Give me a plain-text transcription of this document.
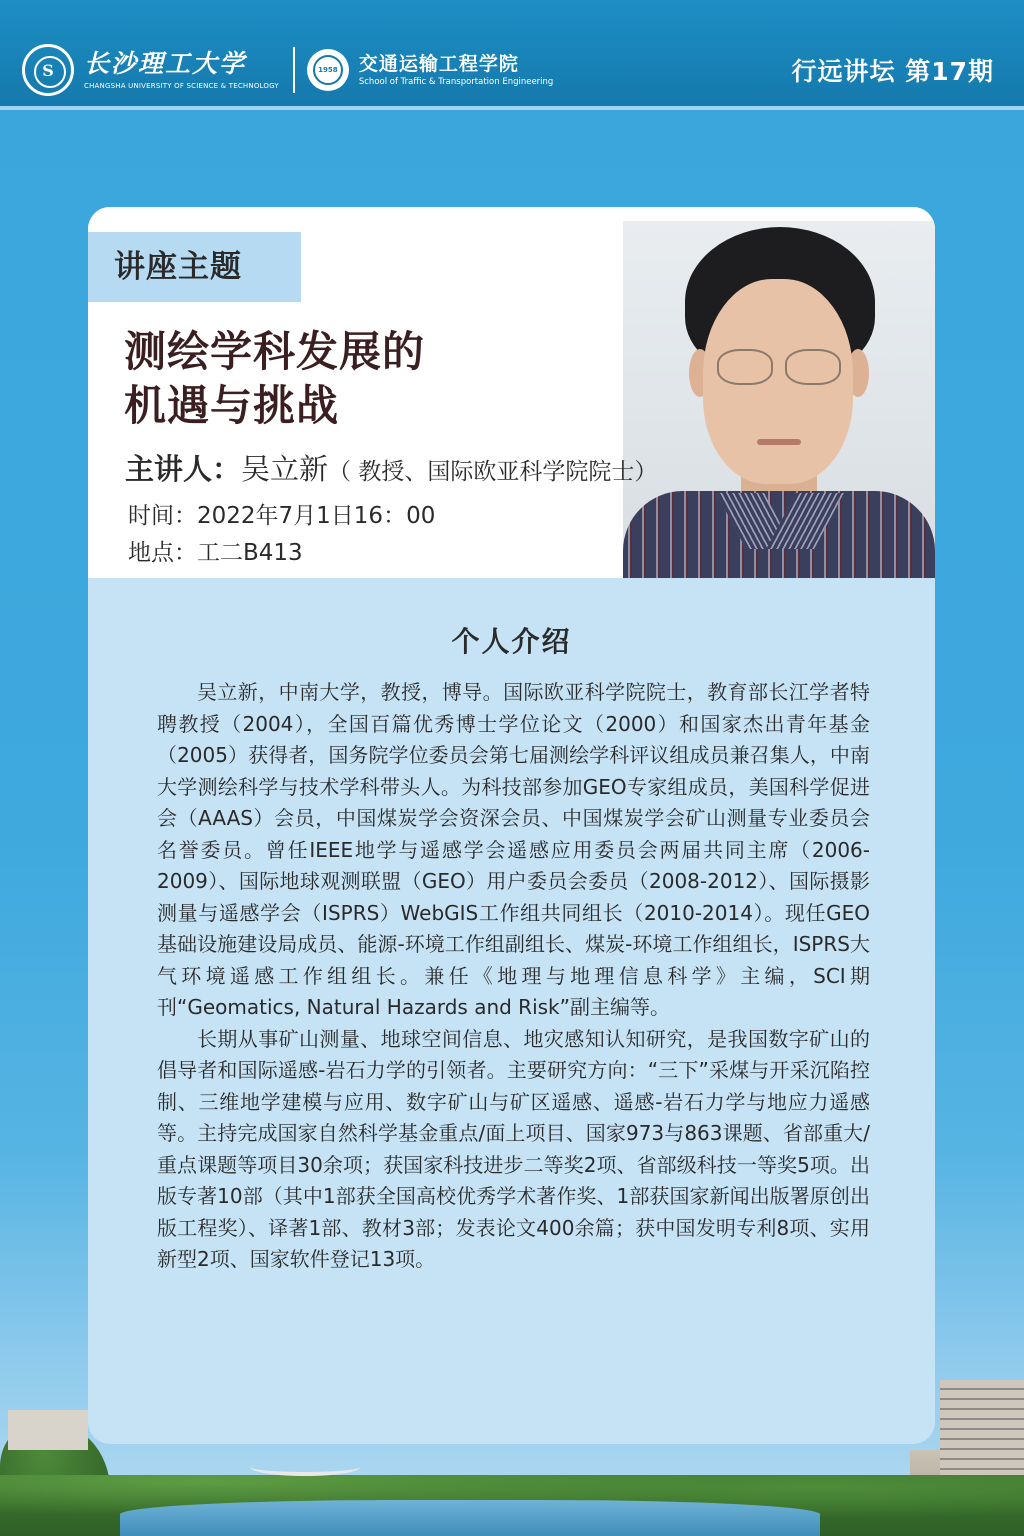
S	长沙理工大学
CHANGSHA UNIVERSITY OF SCIENCE & TECHNOLOGY
1958 交通运输工程学院
School of Traffic & Transportation Engineering	行远讲坛 第17期
讲座主题
测绘学科发展的
机遇与挑战
主讲人：吴立新（ 教授、国际欧亚科学院院士）
时间：2022年7月1日16：00
地点：工二B413
个人介绍

吴立新，中南大学，教授，博导。国际欧亚科学院院士，教育部长江学者特聘教授（2004），全国百篇优秀博士学位论文（2000）和国家杰出青年基金（2005）获得者，国务院学位委员会第七届测绘学科评议组成员兼召集人，中南大学测绘科学与技术学科带头人。为科技部参加GEO专家组成员，美国科学促进会（AAAS）会员，中国煤炭学会资深会员、中国煤炭学会矿山测量专业委员会名誉委员。曾任IEEE地学与遥感学会遥感应用委员会两届共同主席（2006-2009）、国际地球观测联盟（GEO）用户委员会委员（2008-2012）、国际摄影测量与遥感学会（ISPRS）WebGIS工作组共同组长（2010-2014）。现任GEO基础设施建设局成员、能源-环境工作组副组长、煤炭-环境工作组组长，ISPRS大气环境遥感工作组组长。兼任《地理与地理信息科学》主编，SCI期刊“Geomatics, Natural Hazards and Risk”副主编等。

长期从事矿山测量、地球空间信息、地灾感知认知研究，是我国数字矿山的倡导者和国际遥感-岩石力学的引领者。主要研究方向：“三下”采煤与开采沉陷控制、三维地学建模与应用、数字矿山与矿区遥感、遥感-岩石力学与地应力遥感等。主持完成国家自然科学基金重点/面上项目、国家973与863课题、省部重大/重点课题等项目30余项；获国家科技进步二等奖2项、省部级科技一等奖5项。出版专著10部（其中1部获全国高校优秀学术著作奖、1部获国家新闻出版署原创出版工程奖）、译著1部、教材3部；发表论文400余篇；获中国发明专利8项、实用新型2项、国家软件登记13项。
